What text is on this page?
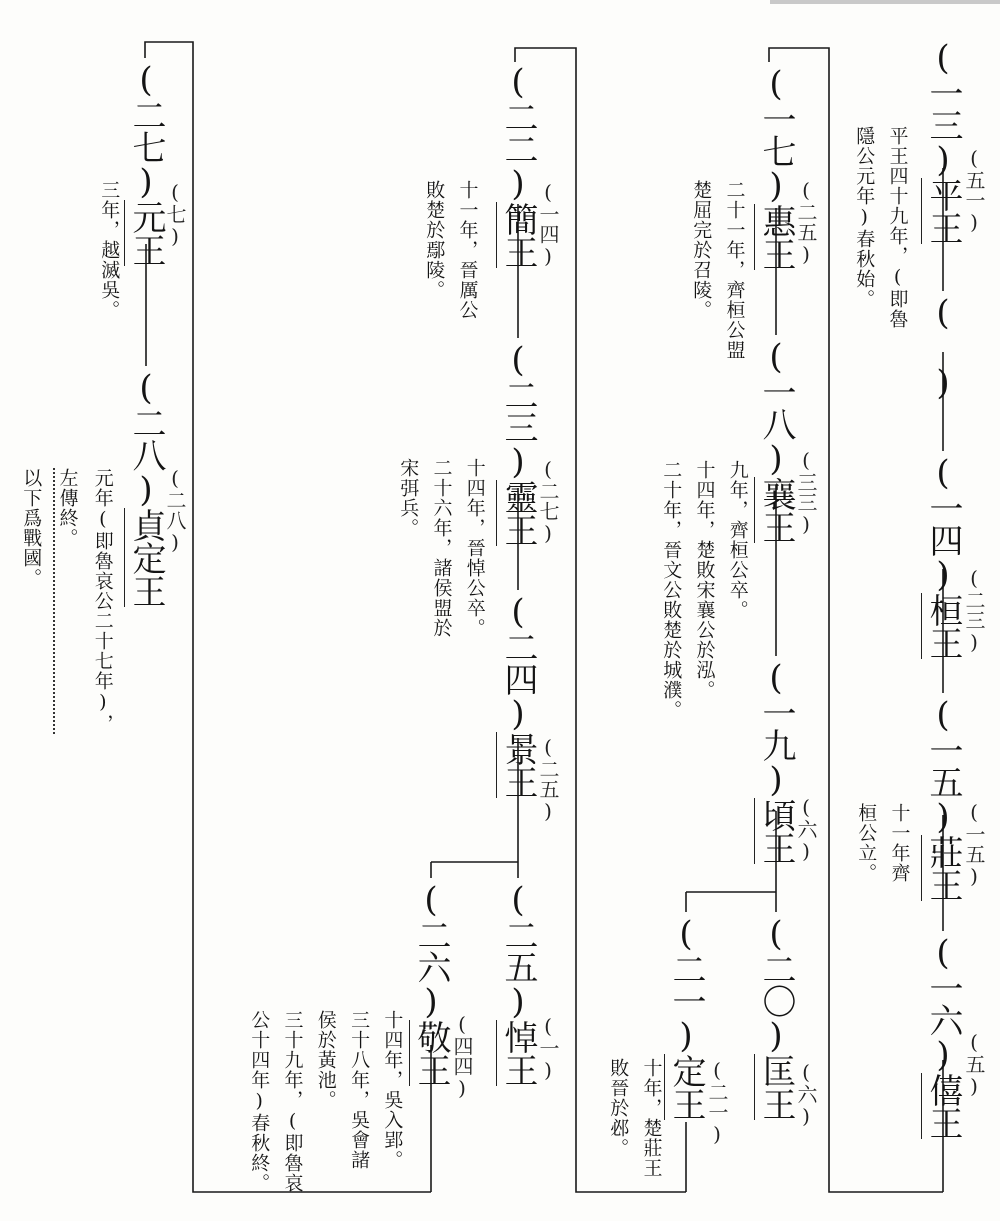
(一三)平王 (五一)
(　)
(一四)桓王 (二三)
(一五)莊王 (一五)
(一六)僖王
(五)
(一七)惠王
(二五)
(一八)襄王
(三三)
(一九)頃王
(六)
(二〇)匡王
(六)
(二一)定王 (二一)
(二二)簡王
(一四)
(二三)靈王
(二七)
(二四)景王
(二五)
(二五)悼王
(一)
(二六)敬王 (四四)
(二七)元王
(七)
(二八)貞定王
(二八)
平王四十九年，(即魯
隱公元年)春秋始。
十一年齊
桓公立。
二十一年，齊桓公盟
楚屈完於召陵。
九年，齊桓公卒。
十四年，楚敗宋襄公於泓。
二十年，晉文公敗楚於城濮。
十年，楚莊王
敗晉於邲。
十一年，晉厲公
敗楚於鄢陵。
十四年，晉悼公卒。
二十六年，諸侯盟於
宋弭兵。
十四年，吳入郢。
三十八年，吳會諸
侯於黃池。
三十九年，(即魯哀
公十四年)春秋終。
三年，越滅吳。
元年(即魯哀公二十七年)，
左傳終。
以下爲戰國。
